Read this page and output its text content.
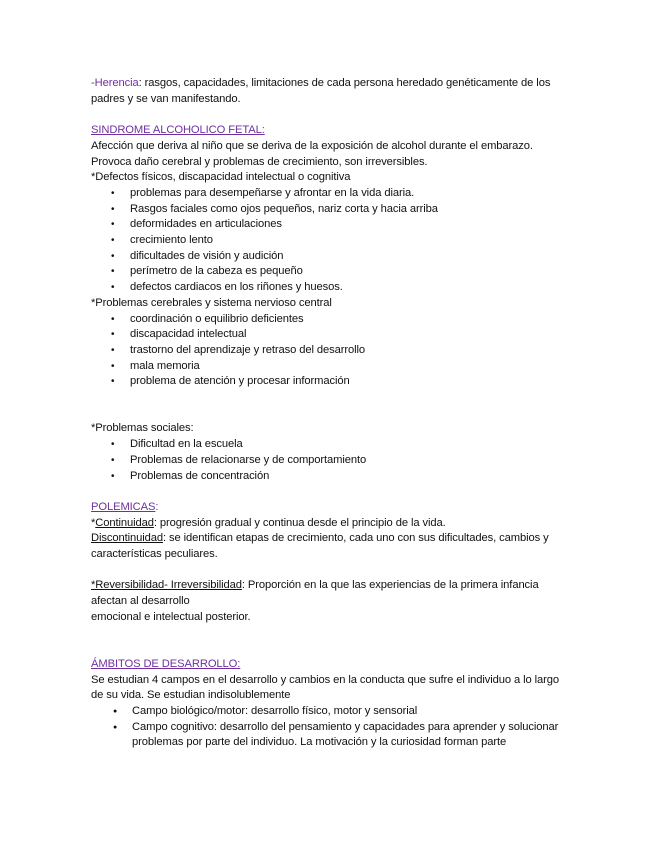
-Herencia: rasgos, capacidades, limitaciones de cada persona heredado genéticamente de los padres y se van manifestando.

SINDROME ALCOHOLICO FETAL:

Afección que deriva al niño que se deriva de la exposición de alcohol durante el embarazo.

Provoca daño cerebral y problemas de crecimiento, son irreversibles.

*Defectos físicos, discapacidad intelectual o cognitiva

• problemas para desempeñarse y afrontar en la vida diaria.
• Rasgos faciales como ojos pequeños, nariz corta y hacia arriba
• deformidades en articulaciones
• crecimiento lento
• dificultades de visión y audición
• perímetro de la cabeza es pequeño
• defectos cardiacos en los riñones y huesos.

*Problemas cerebrales y sistema nervioso central

• coordinación o equilibrio deficientes
• discapacidad intelectual
• trastorno del aprendizaje y retraso del desarrollo
• mala memoria
• problema de atención y procesar información

*Problemas sociales:

• Dificultad en la escuela
• Problemas de relacionarse y de comportamiento
• Problemas de concentración

POLEMICAS:

*Continuidad: progresión gradual y continua desde el principio de la vida.

Discontinuidad: se identifican etapas de crecimiento, cada uno con sus dificultades, cambios y características peculiares.

*Reversibilidad- Irreversibilidad: Proporción en la que las experiencias de la primera infancia afectan al desarrollo

emocional e intelectual posterior.

ÁMBITOS DE DESARROLLO:

Se estudian 4 campos en el desarrollo y cambios en la conducta que sufre el individuo a lo largo de su vida. Se estudian indisolublemente

● Campo biológico/motor: desarrollo físico, motor y sensorial
● Campo cognitivo: desarrollo del pensamiento y capacidades para aprender y solucionar problemas por parte del individuo. La motivación y la curiosidad forman parte
